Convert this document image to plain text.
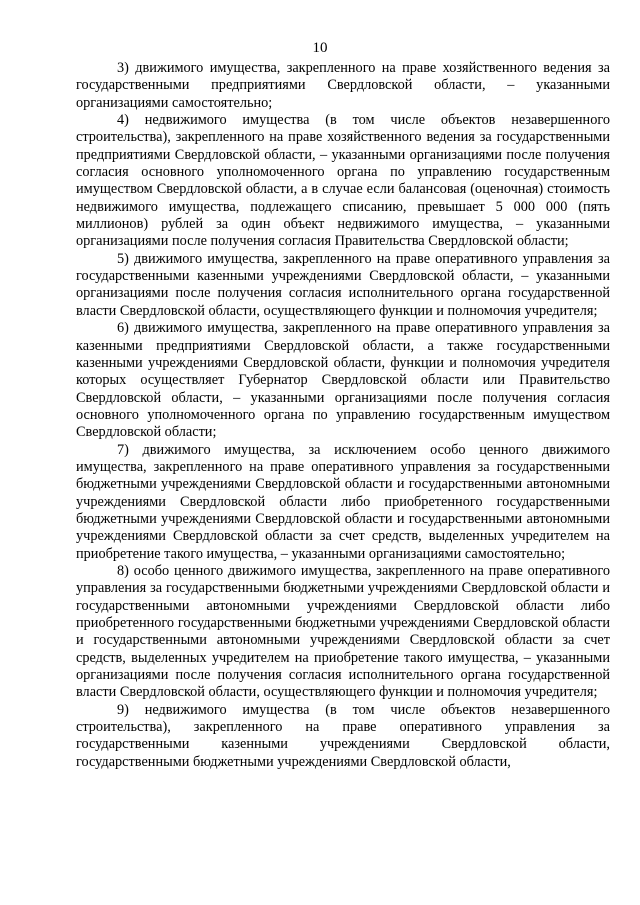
10

3) движимого имущества, закрепленного на праве хозяйственного ведения за государственными предприятиями Свердловской области, – указанными организациями самостоятельно;

4) недвижимого имущества (в том числе объектов незавершенного строительства), закрепленного на праве хозяйственного ведения за государственными предприятиями Свердловской области, – указанными организациями после получения согласия основного уполномоченного органа по управлению государственным имуществом Свердловской области, а в случае если балансовая (оценочная) стоимость недвижимого имущества, подлежащего списанию, превышает 5 000 000 (пять миллионов) рублей за один объект недвижимого имущества, – указанными организациями после получения согласия Правительства Свердловской области;

5) движимого имущества, закрепленного на праве оперативного управления за государственными казенными учреждениями Свердловской области, – указанными организациями после получения согласия исполнительного органа государственной власти Свердловской области, осуществляющего функции и полномочия учредителя;

6) движимого имущества, закрепленного на праве оперативного управления за казенными предприятиями Свердловской области, а также государственными казенными учреждениями Свердловской области, функции и полномочия учредителя которых осуществляет Губернатор Свердловской области или Правительство Свердловской области, – указанными организациями после получения согласия основного уполномоченного органа по управлению государственным имуществом Свердловской области;

7) движимого имущества, за исключением особо ценного движимого имущества, закрепленного на праве оперативного управления за государственными бюджетными учреждениями Свердловской области и государственными автономными учреждениями Свердловской области либо приобретенного государственными бюджетными учреждениями Свердловской области и государственными автономными учреждениями Свердловской области за счет средств, выделенных учредителем на приобретение такого имущества, – указанными организациями самостоятельно;

8) особо ценного движимого имущества, закрепленного на праве оперативного управления за государственными бюджетными учреждениями Свердловской области и государственными автономными учреждениями Свердловской области либо приобретенного государственными бюджетными учреждениями Свердловской области и государственными автономными учреждениями Свердловской области за счет средств, выделенных учредителем на приобретение такого имущества, – указанными организациями после получения согласия исполнительного органа государственной власти Свердловской области, осуществляющего функции и полномочия учредителя;

9) недвижимого имущества (в том числе объектов незавершенного строительства), закрепленного на праве оперативного управления за государственными казенными учреждениями Свердловской области, государственными бюджетными учреждениями Свердловской области,
